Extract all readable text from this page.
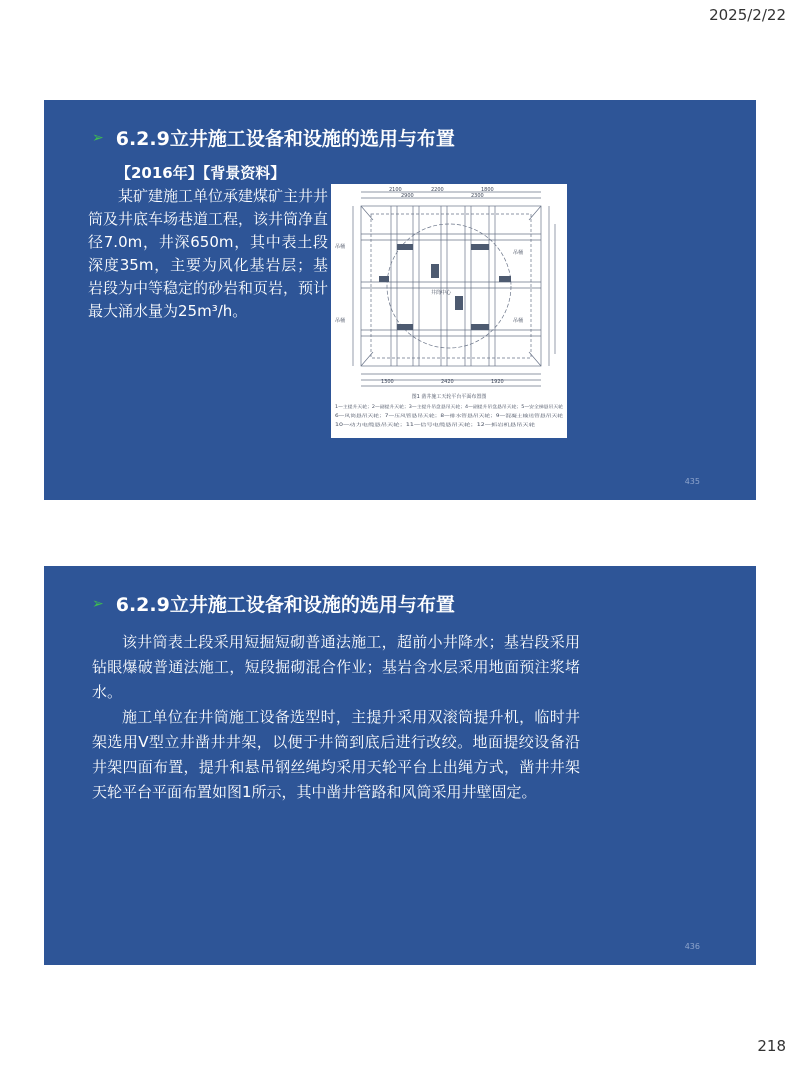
2025/2/22
➢ 6.2.9立井施工设备和设施的选用与布置

【2016年】【背景资料】

某矿建施工单位承建煤矿主井井筒及井底车场巷道工程，该井筒净直径7.0m，井深650m，其中表土段深度35m，主要为风化基岩层；基岩段为中等稳定的砂岩和页岩，预计最大涌水量为25m³/h。

2100	2200	1800
2900	2300
1300	2420	1920
吊桶
吊桶
吊桶	吊桶
井筒中心
图1 凿井施工天轮平台平面布置图
1—主提升天轮；2—副提升天轮；3—主提升吊盘悬吊天轮；4—副提升吊盘悬吊天轮；5—安全梯悬吊天轮
6—风筒悬吊天轮；7—压风管悬吊天轮；8—排水管悬吊天轮；9—混凝土输送管悬吊天轮
10—动力电缆悬吊天轮；11—信号电缆悬吊天轮；12—抓岩机悬吊天轮
435
➢ 6.2.9立井施工设备和设施的选用与布置

该井筒表土段采用短掘短砌普通法施工，超前小井降水；基岩段采用钻眼爆破普通法施工，短段掘砌混合作业；基岩含水层采用地面预注浆堵水。

施工单位在井筒施工设备选型时，主提升采用双滚筒提升机，临时井架选用V型立井凿井井架，以便于井筒到底后进行改绞。地面提绞设备沿井架四面布置，提升和悬吊钢丝绳均采用天轮平台上出绳方式，凿井井架天轮平台平面布置如图1所示，其中凿井管路和风筒采用井壁固定。

436
218
